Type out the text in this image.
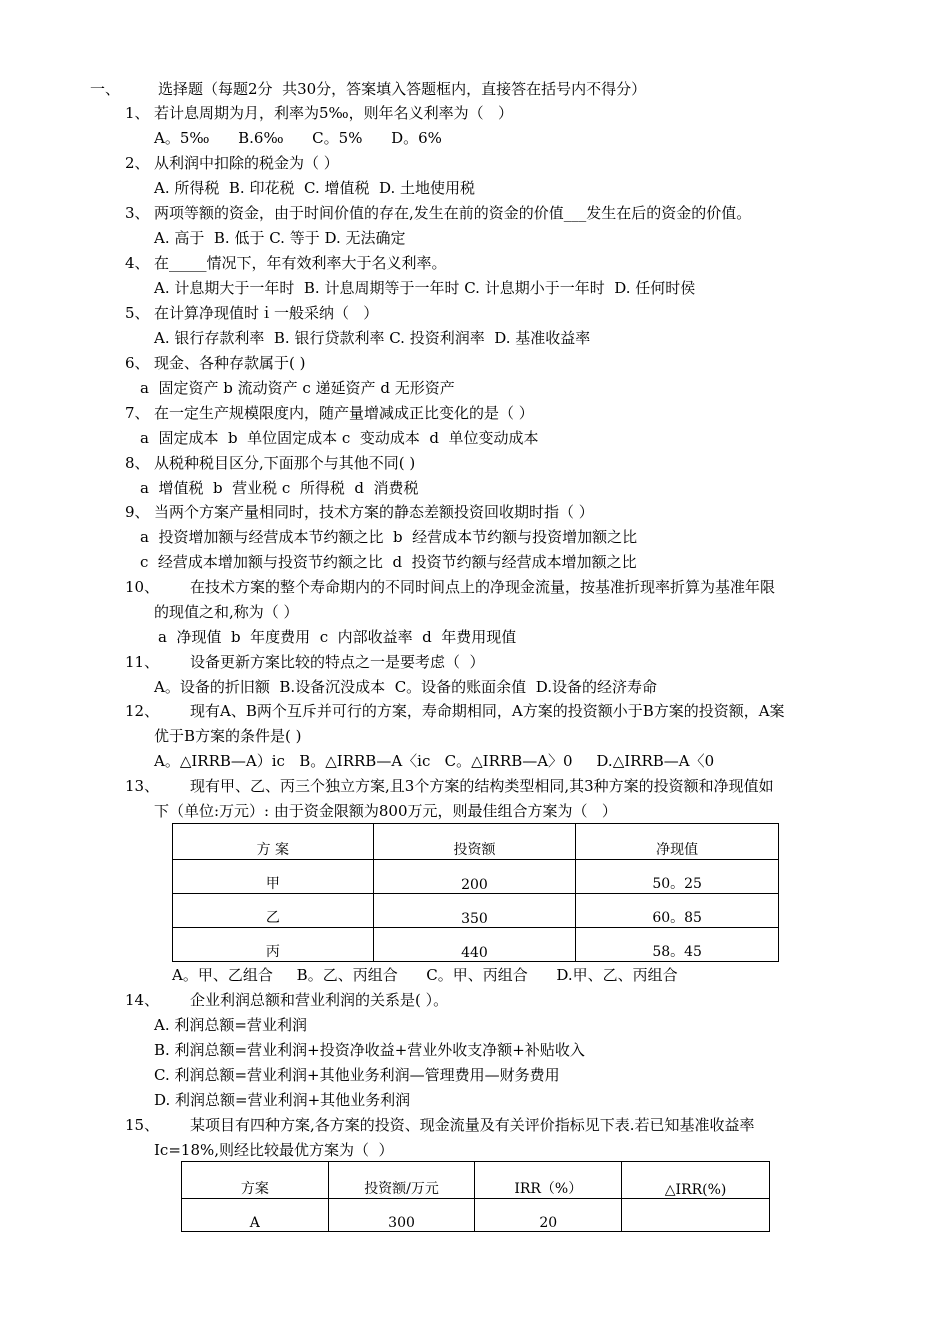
一、	选择题（每题2分  共30分，答案填入答题框内，直接答在括号内不得分）
1、 若计息周期为月，利率为5‰，则年名义利率为（   ）
A。5‰      B.6‰      C。5%      D。6%
2、 从利润中扣除的税金为（ ）
A. 所得税  B. 印花税  C. 增值税  D. 土地使用税
3、 两项等额的资金，由于时间价值的存在,发生在前的资金的价值___发生在后的资金的价值。
A. 高于  B. 低于 C. 等于 D. 无法确定
4、 在_____情况下，年有效利率大于名义利率。
A. 计息期大于一年时  B. 计息周期等于一年时 C. 计息期小于一年时  D. 任何时侯
5、 在计算净现值时ｉ一般采纳（   ）
A. 银行存款利率  B. 银行贷款利率 C. 投资利润率  D. 基准收益率
6、 现金、各种存款属于( )
a  固定资产 b 流动资产 c 递延资产 d 无形资产
7、 在一定生产规模限度内，随产量增减成正比变化的是（ ）
a  固定成本  b  单位固定成本 c  变动成本  d  单位变动成本
8、 从税种税目区分,下面那个与其他不同( )
a  增值税  b  营业税 c  所得税  d  消费税
9、 当两个方案产量相同时，技术方案的静态差额投资回收期时指（ ）
a  投资增加额与经营成本节约额之比  b  经营成本节约额与投资增加额之比
c  经营成本增加额与投资节约额之比  d  投资节约额与经营成本增加额之比
10、 在技术方案的整个寿命期内的不同时间点上的净现金流量，按基准折现率折算为基准年限
的现值之和,称为（ ）
a  净现值  b  年度费用  c  内部收益率  d  年费用现值
11、 设备更新方案比较的特点之一是要考虑（  ）
A。设备的折旧额  B.设备沉没成本  C。设备的账面余值  D.设备的经济寿命
12、 现有A、B两个互斥并可行的方案，寿命期相同，A方案的投资额小于B方案的投资额，A案
优于B方案的条件是( )
A。△IRRB—A）ic   B。△IRRB—A〈ic   C。△IRRB—A〉0     D.△IRRB—A〈0
13、 现有甲、乙、丙三个独立方案,且3个方案的结构类型相同,其3种方案的投资额和净现值如
下（单位:万元）: 由于资金限额为800万元，则最佳组合方案为（   ）
方 案	投资额	净现值
甲	200	50。25
乙	350	60。85
丙	440	58。45
A。甲、乙组合     B。乙、丙组合      C。甲、丙组合      D.甲、乙、丙组合
14、 企业利润总额和营业利润的关系是( ）。
A. 利润总额=营业利润
B. 利润总额=营业利润+投资净收益+营业外收支净额+补贴收入
C. 利润总额=营业利润+其他业务利润—管理费用—财务费用
D. 利润总额=营业利润+其他业务利润
15、 某项目有四种方案,各方案的投资、现金流量及有关评价指标见下表.若已知基准收益率
Ic=18%,则经比较最优方案为（  ）
方案	投资额/万元	IRR（%）	△IRR(%)
A	300	20	
